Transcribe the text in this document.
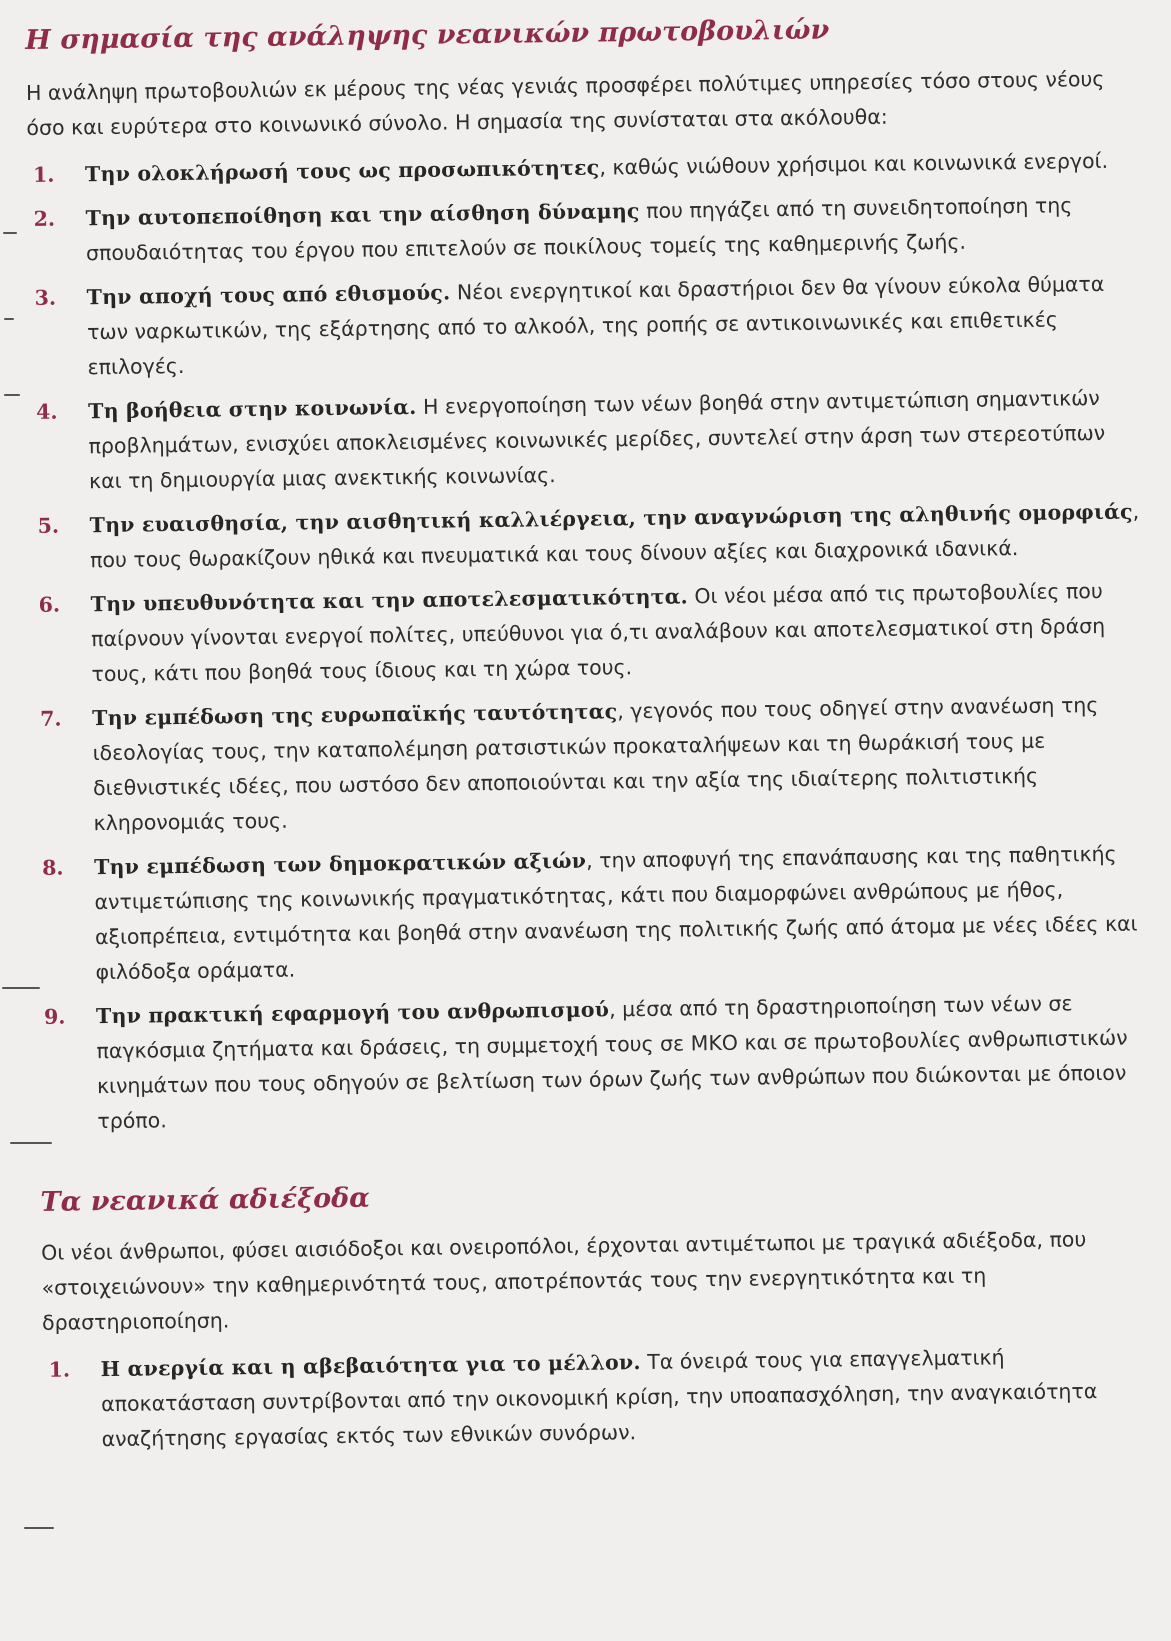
Η σημασία της ανάληψης νεανικών πρωτοβουλιών

Η ανάληψη πρωτοβουλιών εκ μέρους της νέας γενιάς προσφέρει πολύτιμες υπηρεσίες τόσο στους νέους όσο και ευρύτερα στο κοινωνικό σύνολο. Η σημασία της συνίσταται στα ακόλουθα:

1. Την ολοκλήρωσή τους ως προσωπικότητες, καθώς νιώθουν χρήσιμοι και κοινωνικά ενεργοί.
2. Την αυτοπεποίθηση και την αίσθηση δύναμης που πηγάζει από τη συνειδητοποίηση της σπουδαιότητας του έργου που επιτελούν σε ποικίλους τομείς της καθημερινής ζωής.
3. Την αποχή τους από εθισμούς. Νέοι ενεργητικοί και δραστήριοι δεν θα γίνουν εύκολα θύματα των ναρκωτικών, της εξάρτησης από το αλκοόλ, της ροπής σε αντικοινωνικές και επιθετικές επιλογές.
4. Τη βοήθεια στην κοινωνία. Η ενεργοποίηση των νέων βοηθά στην αντιμετώπιση σημαντικών προβλημάτων, ενισχύει αποκλεισμένες κοινωνικές μερίδες, συντελεί στην άρση των στερεοτύπων και τη δημιουργία μιας ανεκτικής κοινωνίας.
5. Την ευαισθησία, την αισθητική καλλιέργεια, την αναγνώριση της αληθινής ομορφιάς, που τους θωρακίζουν ηθικά και πνευματικά και τους δίνουν αξίες και διαχρονικά ιδανικά.
6. Την υπευθυνότητα και την αποτελεσματικότητα. Οι νέοι μέσα από τις πρωτοβουλίες που παίρνουν γίνονται ενεργοί πολίτες, υπεύθυνοι για ό,τι αναλάβουν και αποτελεσματικοί στη δράση τους, κάτι που βοηθά τους ίδιους και τη χώρα τους.
7. Την εμπέδωση της ευρωπαϊκής ταυτότητας, γεγονός που τους οδηγεί στην ανανέωση της ιδεολογίας τους, την καταπολέμηση ρατσιστικών προκαταλήψεων και τη θωράκισή τους με διεθνιστικές ιδέες, που ωστόσο δεν αποποιούνται και την αξία της ιδιαίτερης πολιτιστικής κληρονομιάς τους.
8. Την εμπέδωση των δημοκρατικών αξιών, την αποφυγή της επανάπαυσης και της παθητικής αντιμετώπισης της κοινωνικής πραγματικότητας, κάτι που διαμορφώνει ανθρώπους με ήθος, αξιοπρέπεια, εντιμότητα και βοηθά στην ανανέωση της πολιτικής ζωής από άτομα με νέες ιδέες και φιλόδοξα οράματα.
9. Την πρακτική εφαρμογή του ανθρωπισμού, μέσα από τη δραστηριοποίηση των νέων σε παγκόσμια ζητήματα και δράσεις, τη συμμετοχή τους σε ΜΚΟ και σε πρωτοβουλίες ανθρωπιστικών κινημάτων που τους οδηγούν σε βελτίωση των όρων ζωής των ανθρώπων που διώκονται με όποιον τρόπο.
Τα νεανικά αδιέξοδα

Οι νέοι άνθρωποι, φύσει αισιόδοξοι και ονειροπόλοι, έρχονται αντιμέτωποι με τραγικά αδιέξοδα, που «στοιχειώνουν» την καθημερινότητά τους, αποτρέποντάς τους την ενεργητικότητα και τη δραστηριοποίηση.

1. Η ανεργία και η αβεβαιότητα για το μέλλον. Τα όνειρά τους για επαγγελματική αποκατάσταση συντρίβονται από την οικονομική κρίση, την υποαπασχόληση, την αναγκαιότητα αναζήτησης εργασίας εκτός των εθνικών συνόρων.
